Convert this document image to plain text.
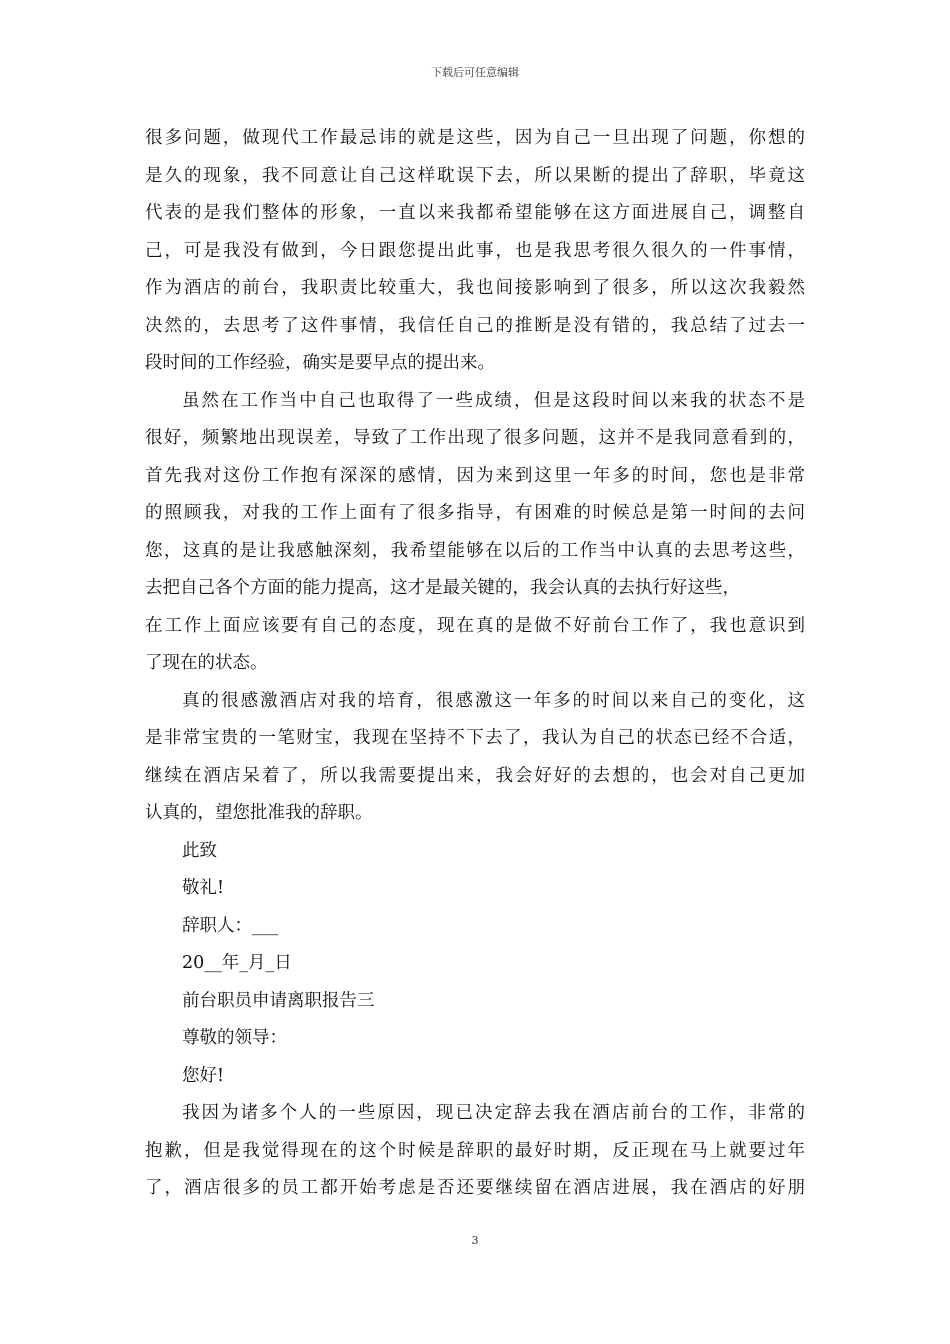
下载后可任意编辑
很多问题，做现代工作最忌讳的就是这些，因为自己一旦出现了问题，你想的
是久的现象，我不同意让自己这样耽误下去，所以果断的提出了辞职，毕竟这
代表的是我们整体的形象，一直以来我都希望能够在这方面进展自己，调整自
己，可是我没有做到，今日跟您提出此事，也是我思考很久很久的一件事情，
作为酒店的前台，我职责比较重大，我也间接影响到了很多，所以这次我毅然
决然的，去思考了这件事情，我信任自己的推断是没有错的，我总结了过去一
段时间的工作经验，确实是要早点的提出来。
虽然在工作当中自己也取得了一些成绩，但是这段时间以来我的状态不是
很好，频繁地出现误差，导致了工作出现了很多问题，这并不是我同意看到的，
首先我对这份工作抱有深深的感情，因为来到这里一年多的时间，您也是非常
的照顾我，对我的工作上面有了很多指导，有困难的时候总是第一时间的去问
您，这真的是让我感触深刻，我希望能够在以后的工作当中认真的去思考这些，
去把自己各个方面的能力提高，这才是最关键的，我会认真的去执行好这些，
在工作上面应该要有自己的态度，现在真的是做不好前台工作了，我也意识到
了现在的状态。
真的很感激酒店对我的培育，很感激这一年多的时间以来自己的变化，这
是非常宝贵的一笔财宝，我现在坚持不下去了，我认为自己的状态已经不合适，
继续在酒店呆着了，所以我需要提出来，我会好好的去想的，也会对自己更加
认真的，望您批准我的辞职。
此致
敬礼!
辞职人：___
20__年_月_日
前台职员申请离职报告三
尊敬的领导：
您好!
我因为诸多个人的一些原因，现已决定辞去我在酒店前台的工作，非常的
抱歉，但是我觉得现在的这个时候是辞职的最好时期，反正现在马上就要过年
了，酒店很多的员工都开始考虑是否还要继续留在酒店进展，我在酒店的好朋
3
